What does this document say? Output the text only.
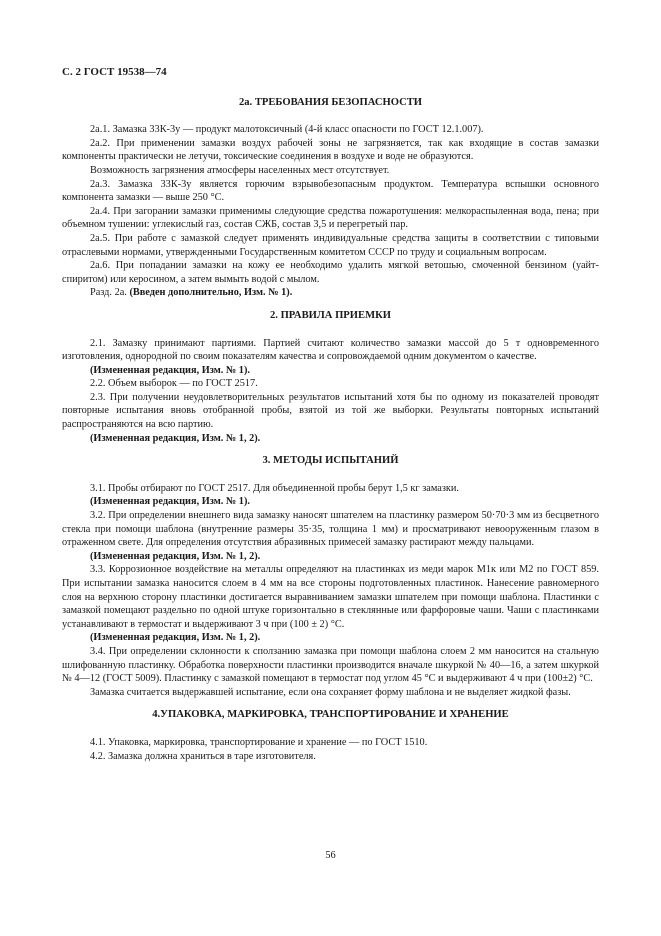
С. 2 ГОСТ 19538—74
2а. ТРЕБОВАНИЯ БЕЗОПАСНОСТИ

2а.1. Замазка 33К-3у — продукт малотоксичный (4-й класс опасности по ГОСТ 12.1.007).

2а.2. При применении замазки воздух рабочей зоны не загрязняется, так как входящие в состав замазки компоненты практически не летучи, токсические соединения в воздухе и воде не образуются.

Возможность загрязнения атмосферы населенных мест отсутствует.

2а.3. Замазка 33К-3у является горючим взрывобезопасным продуктом. Температура вспышки основного компонента замазки — выше 250 °С.

2а.4. При загорании замазки применимы следующие средства пожаротушения: мелкораспыленная вода, пена; при объемном тушении: углекислый газ, состав СЖБ, состав 3,5 и перегретый пар.

2а.5. При работе с замазкой следует применять индивидуальные средства защиты в соответствии с типовыми отраслевыми нормами, утвержденными Государственным комитетом СССР по труду и социальным вопросам.

2а.6. При попадании замазки на кожу ее необходимо удалить мягкой ветошью, смоченной бензином (уайт-спиритом) или керосином, а затем вымыть водой с мылом.

Разд. 2а. (Введен дополнительно, Изм. № 1).

2. ПРАВИЛА ПРИЕМКИ

2.1. Замазку принимают партиями. Партией считают количество замазки массой до 5 т одновременного изготовления, однородной по своим показателям качества и сопровождаемой одним документом о качестве.

(Измененная редакция, Изм. № 1).

2.2. Объем выборок — по ГОСТ 2517.

2.3. При получении неудовлетворительных результатов испытаний хотя бы по одному из показателей проводят повторные испытания вновь отобранной пробы, взятой из той же выборки. Результаты повторных испытаний распространяются на всю партию.

(Измененная редакция, Изм. № 1, 2).

3. МЕТОДЫ ИСПЫТАНИЙ

3.1. Пробы отбирают по ГОСТ 2517. Для объединенной пробы берут 1,5 кг замазки.

(Измененная редакция, Изм. № 1).

3.2. При определении внешнего вида замазку наносят шпателем на пластинку размером 50·70·3 мм из бесцветного стекла при помощи шаблона (внутренние размеры 35·35, толщина 1 мм) и просматривают невооруженным глазом в отраженном свете. Для определения отсутствия абразивных примесей замазку растирают между пальцами.

(Измененная редакция, Изм. № 1, 2).

3.3. Коррозионное воздействие на металлы определяют на пластинках из меди марок М1к или М2 по ГОСТ 859. При испытании замазка наносится слоем в 4 мм на все стороны подготовленных пластинок. Нанесение равномерного слоя на верхнюю сторону пластинки достигается выравниванием замазки шпателем при помощи шаблона. Пластинки с замазкой помещают раздельно по одной штуке горизонтально в стеклянные или фарфоровые чаши. Чаши с пластинками устанавливают в термостат и выдерживают 3 ч при (100 ± 2) °С.

(Измененная редакция, Изм. № 1, 2).

3.4. При определении склонности к сползанию замазка при помощи шаблона слоем 2 мм наносится на стальную шлифованную пластинку. Обработка поверхности пластинки производится вначале шкуркой № 40—16, а затем шкуркой № 4—12 (ГОСТ 5009). Пластинку с замазкой помещают в термостат под углом 45 °С и выдерживают 4 ч при (100±2) °С.

Замазка считается выдержавшей испытание, если она сохраняет форму шаблона и не выделяет жидкой фазы.

4.УПАКОВКА, МАРКИРОВКА, ТРАНСПОРТИРОВАНИЕ И ХРАНЕНИЕ

4.1. Упаковка, маркировка, транспортирование и хранение — по ГОСТ 1510.

4.2. Замазка должна храниться в таре изготовителя.

56
